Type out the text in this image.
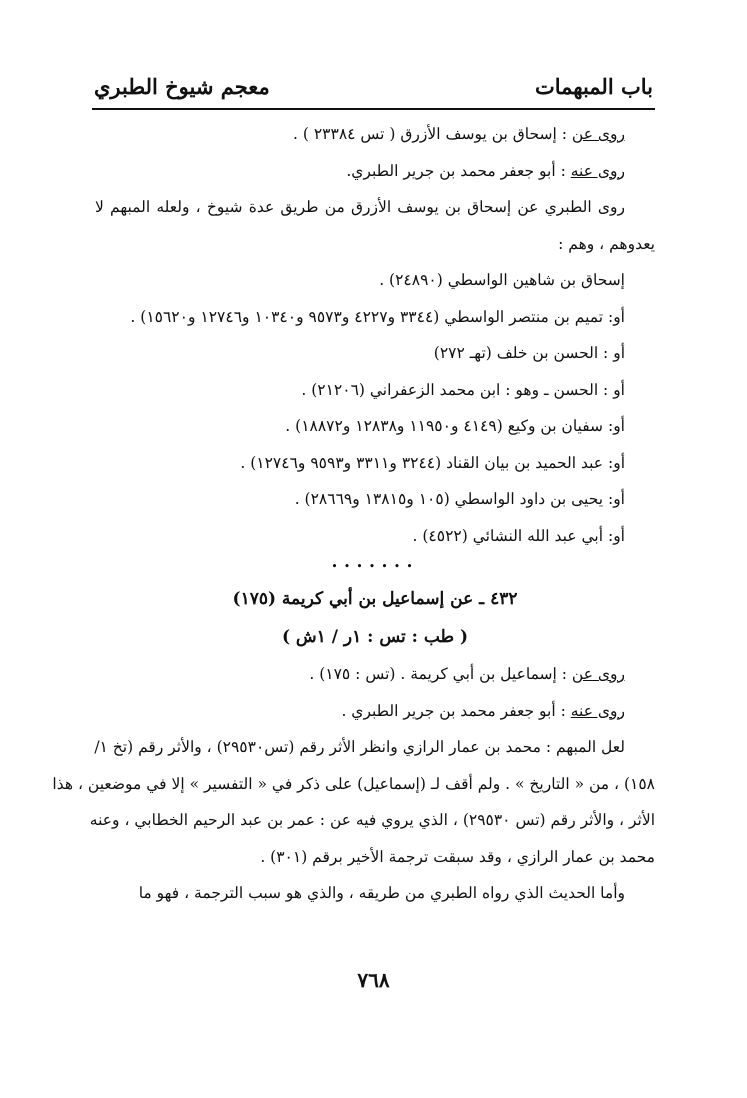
باب المبهمات
معجم شيوخ الطبري
روى عن : إسحاق بن يوسف الأزرق ( تس ٢٣٣٨٤ ) .
روى عنه : أبو جعفر محمد بن جرير الطبري.
روى الطبري عن إسحاق بن يوسف الأزرق من طريق عدة شيوخ ، ولعله المبهم لا
يعدوهم ، وهم :
إسحاق بن شاهين الواسطي (٢٤٨٩٠) .
أو: تميم بن منتصر الواسطي (٣٣٤٤ و٤٢٢٧ و٩٥٧٣ و١٠٣٤٠ و١٢٧٤٦ و١٥٦٢٠) .
أو : الحسن بن خلف (تهـ ٢٧٢)
أو : الحسن ـ وهو : ابن محمد الزعفراني (٢١٢٠٦) .
أو: سفيان بن وكيع (٤١٤٩ و١١٩٥٠ و١٢٨٣٨ و١٨٨٧٢) .
أو: عبد الحميد بن بيان القناد (٣٢٤٤ و٣٣١١ و٩٥٩٣ و١٢٧٤٦) .
أو: يحيى بن داود الواسطي (١٠٥ و١٣٨١٥ و٢٨٦٦٩) .
أو: أبي عبد الله النشائي (٤٥٢٢) .
•••••••
٤٣٢ ـ عن إسماعيل بن أبي كريمة (١٧٥)
( طب : تس : ١ر / ١ش )
روى عن : إسماعيل بن أبي كريمة . (تس : ١٧٥) .
روى عنه : أبو جعفر محمد بن جرير الطبري .
لعل المبهم : محمد بن عمار الرازي وانظر الأثر رقم (تس٢٩٥٣٠) ، والأثر رقم (تخ ١/
١٥٨) ، من « التاريخ » . ولم أقف لـ (إسماعيل) على ذكر في « التفسير » إلا في موضعين ، هذا
الأثر ، والأثر رقم (تس ٢٩٥٣٠) ، الذي يروي فيه عن : عمر بن عبد الرحيم الخطابي ، وعنه
محمد بن عمار الرازي ، وقد سبقت ترجمة الأخير برقم (٣٠١) .
وأما الحديث الذي رواه الطبري من طريقه ، والذي هو سبب الترجمة ، فهو ما
٧٦٨
